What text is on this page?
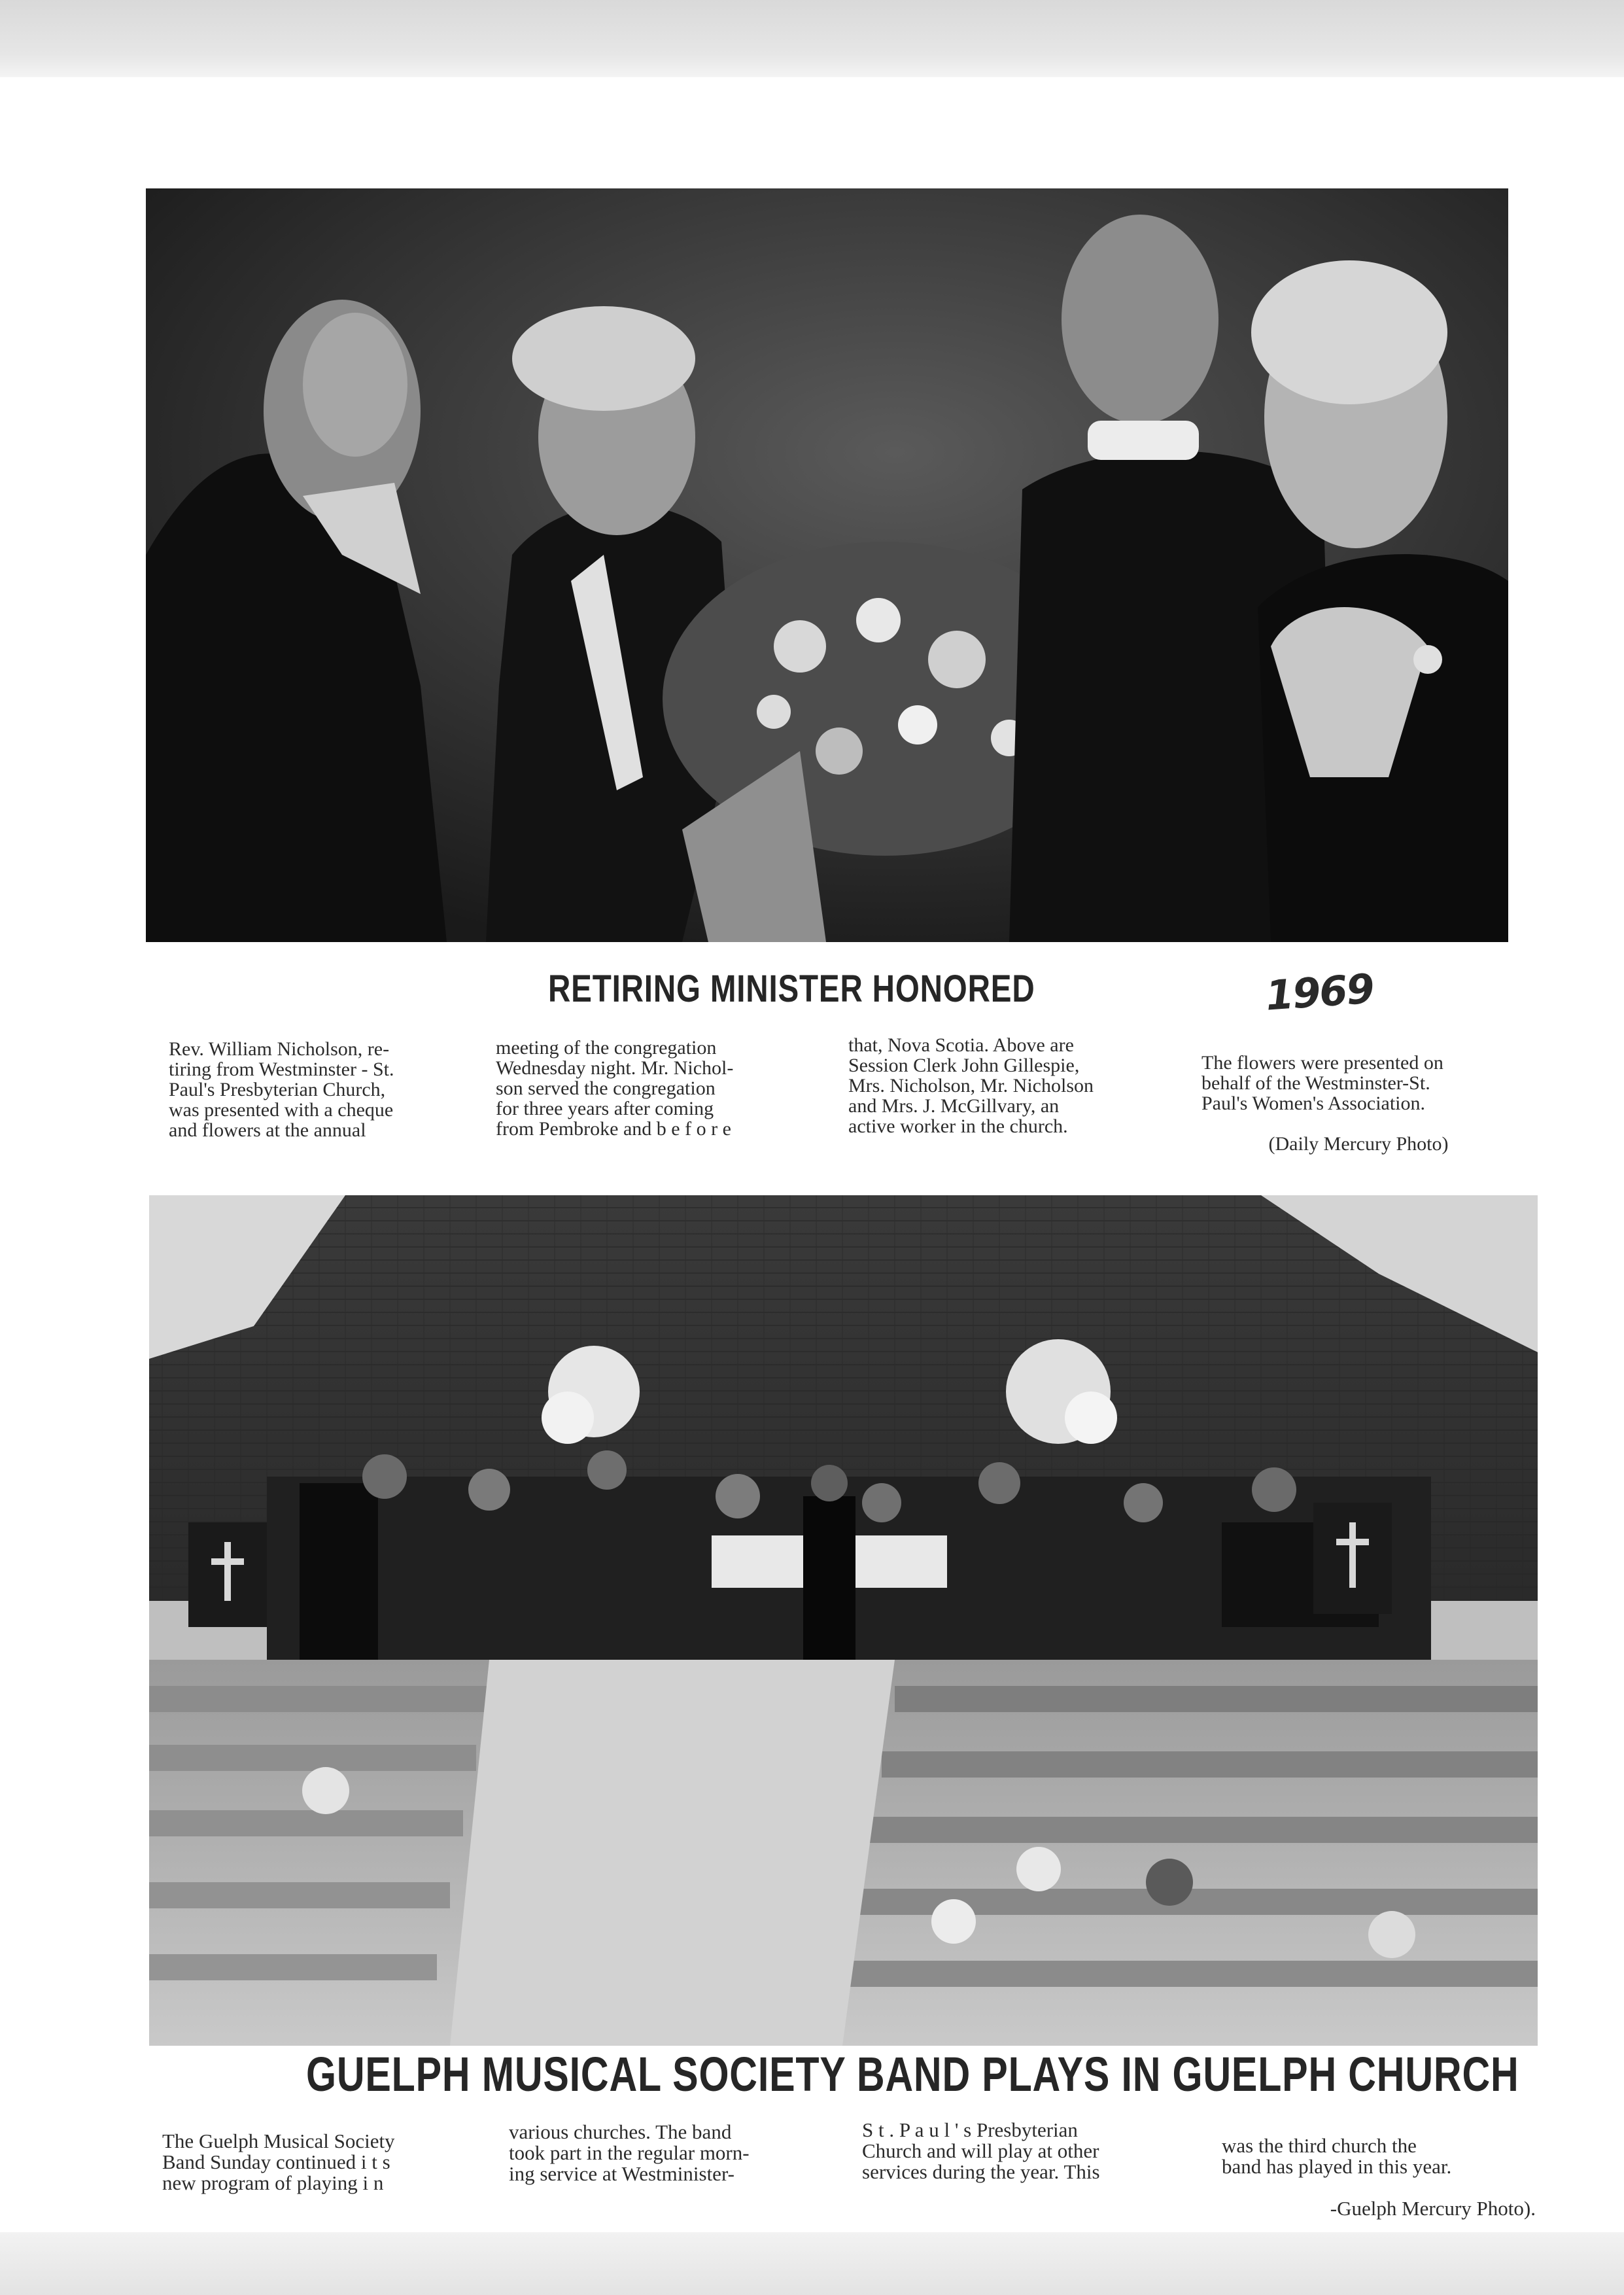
RETIRING MINISTER HONORED	1969
Rev. William Nicholson, re-
tiring from Westminster - St.
Paul's Presbyterian Church,
was presented with a cheque
and flowers at the annual
meeting of the congregation
Wednesday night. Mr. Nichol-
son served the congregation
for three years after coming
from Pembroke and b e f o r e
that, Nova Scotia. Above are
Session Clerk John Gillespie,
Mrs. Nicholson, Mr. Nicholson
and Mrs. J. McGillvary, an
active worker in the church.

The flowers were presented on
behalf of the Westminster-St.
Paul's Women's Association.

(Daily Mercury Photo)

GUELPH MUSICAL SOCIETY BAND PLAYS IN GUELPH CHURCH
The Guelph Musical Society
Band Sunday continued i t s
new program of playing i n
various churches. The band
took part in the regular morn-
ing service at Westminister-
S t . P a u l ' s Presbyterian
Church and will play at other
services during the year. This

was the third church the
band has played in this year.

-Guelph Mercury Photo).
